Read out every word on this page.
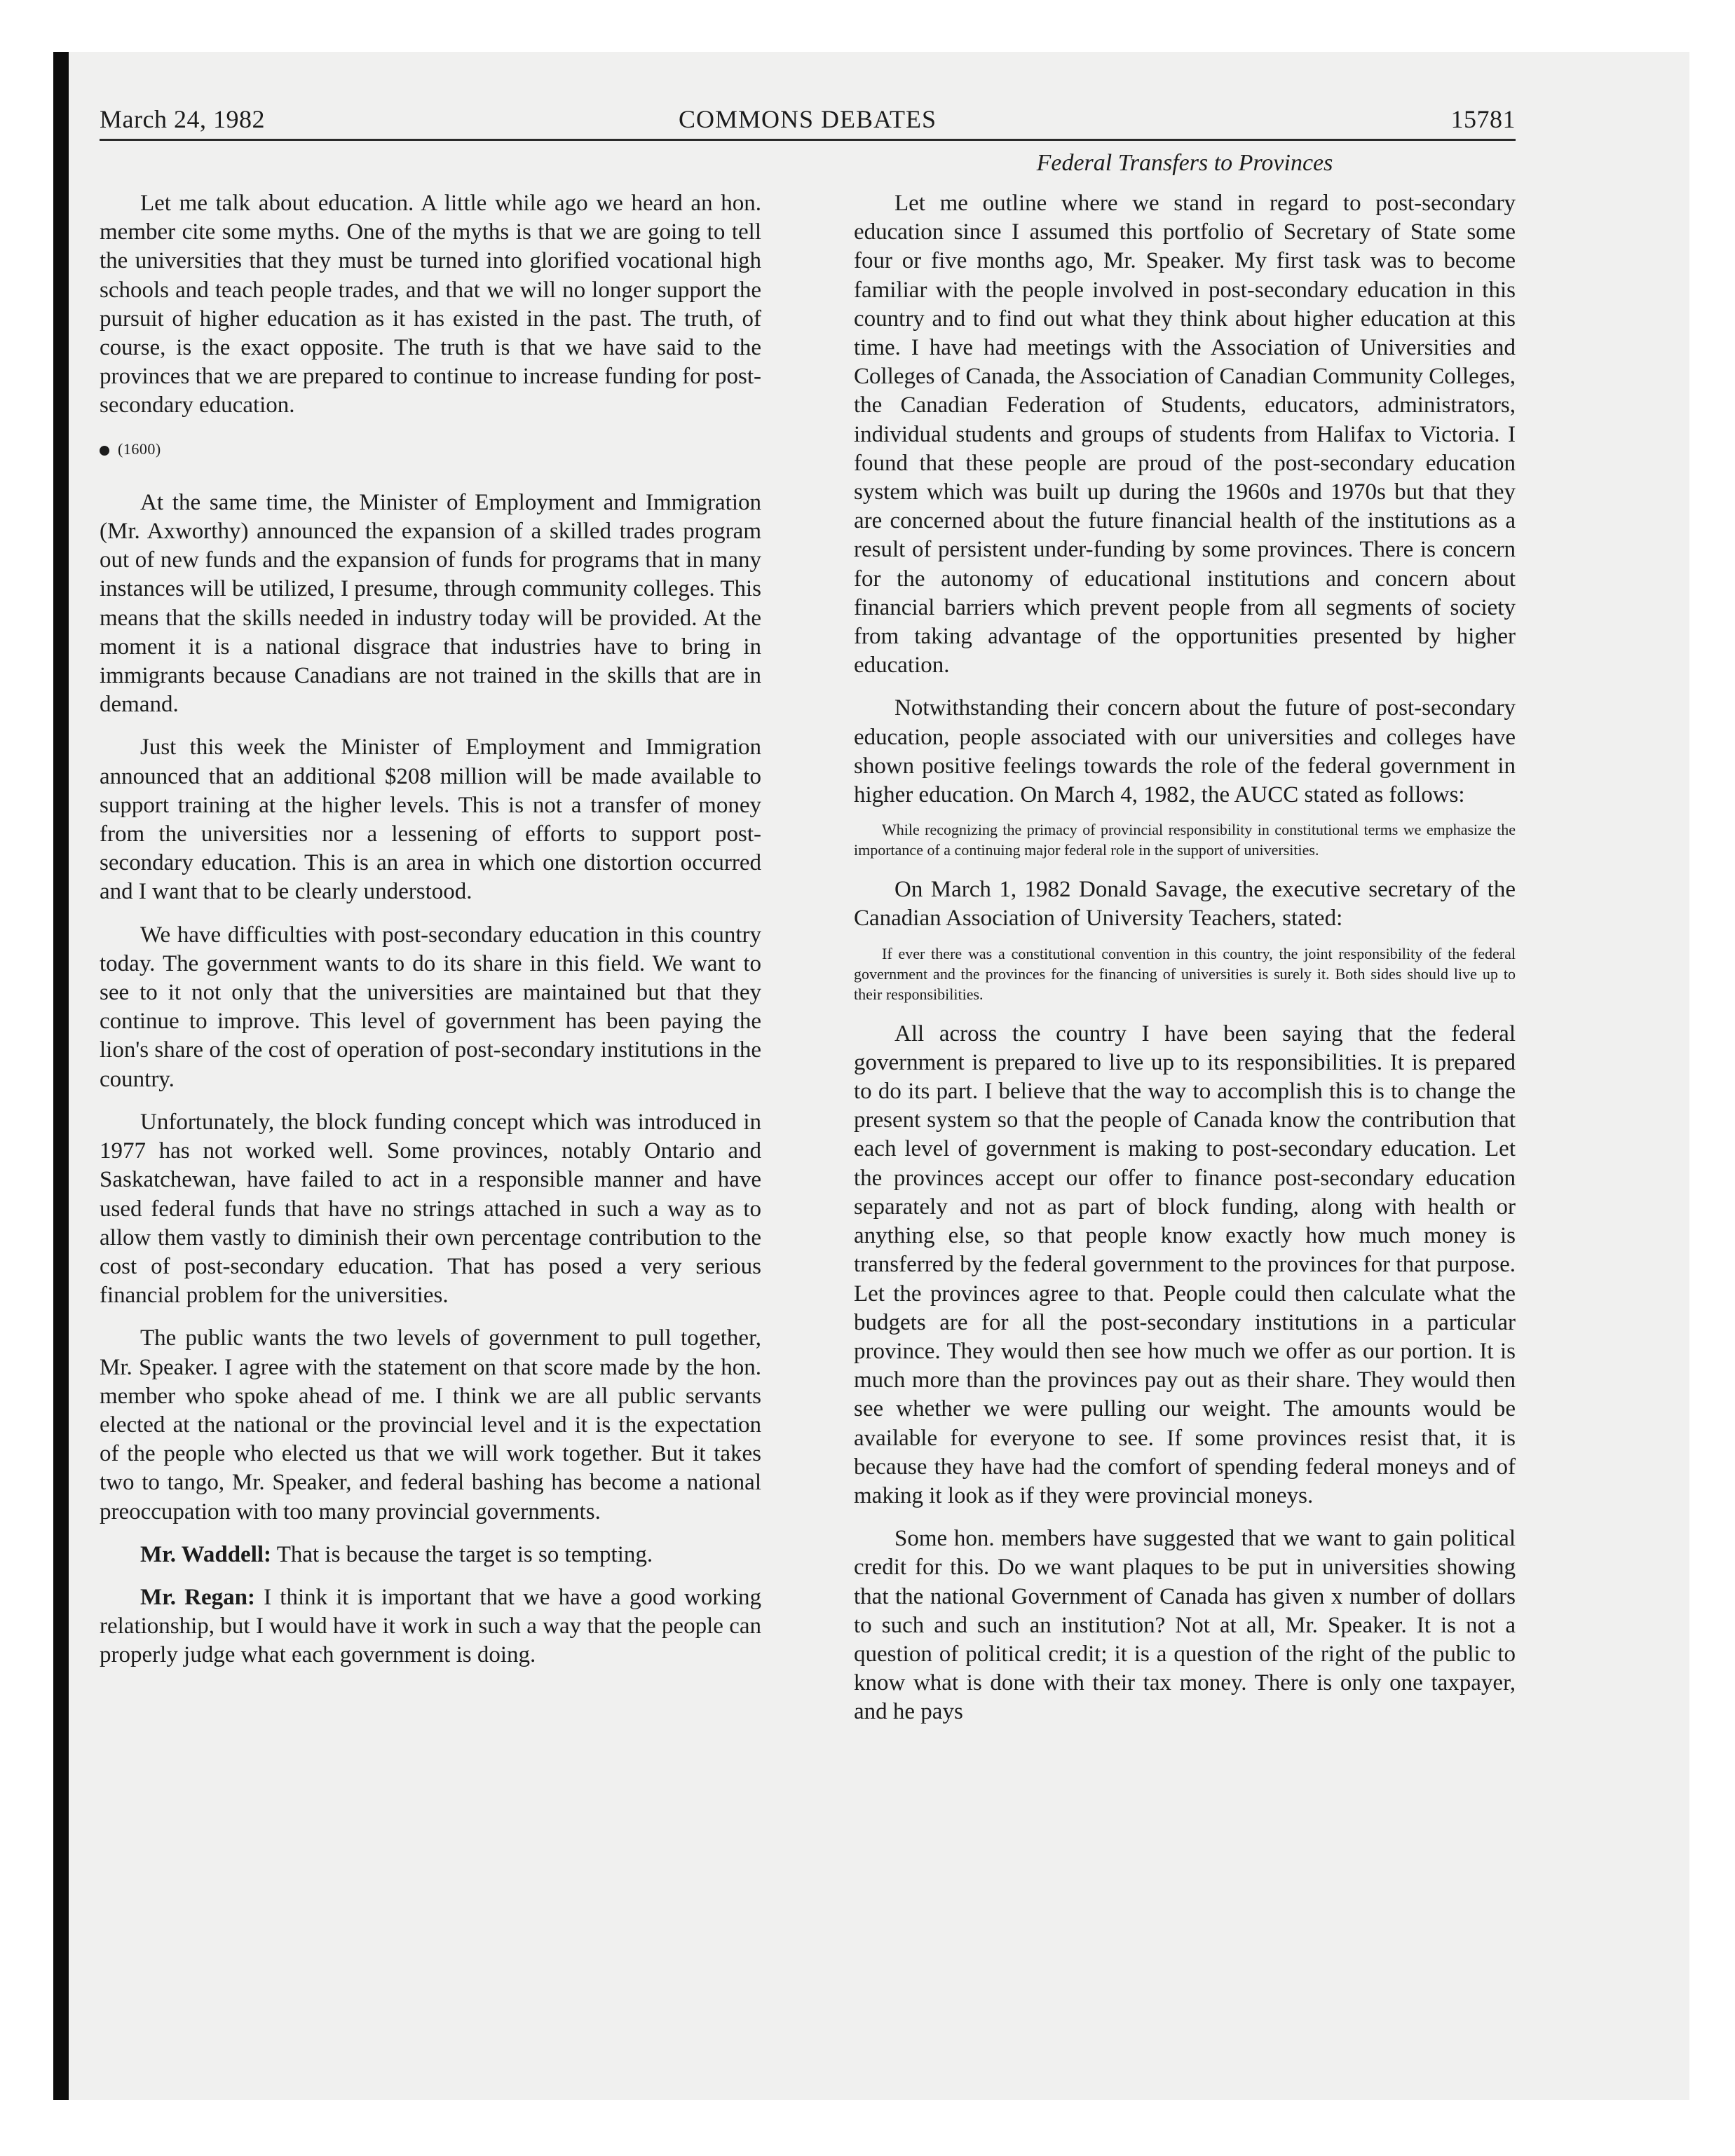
March 24, 1982	COMMONS DEBATES	15781
Federal Transfers to Provinces

Let me talk about education. A little while ago we heard an hon. member cite some myths. One of the myths is that we are going to tell the universities that they must be turned into glorified vocational high schools and teach people trades, and that we will no longer support the pursuit of higher education as it has existed in the past. The truth, of course, is the exact opposite. The truth is that we have said to the provinces that we are prepared to continue to increase funding for post-secondary education.

(1600)

At the same time, the Minister of Employment and Immigration (Mr. Axworthy) announced the expansion of a skilled trades program out of new funds and the expansion of funds for programs that in many instances will be utilized, I presume, through community colleges. This means that the skills needed in industry today will be provided. At the moment it is a national disgrace that industries have to bring in immigrants because Canadians are not trained in the skills that are in demand.

Just this week the Minister of Employment and Immigration announced that an additional $208 million will be made available to support training at the higher levels. This is not a transfer of money from the universities nor a lessening of efforts to support post-secondary education. This is an area in which one distortion occurred and I want that to be clearly understood.

We have difficulties with post-secondary education in this country today. The government wants to do its share in this field. We want to see to it not only that the universities are maintained but that they continue to improve. This level of government has been paying the lion's share of the cost of operation of post-secondary institutions in the country.

Unfortunately, the block funding concept which was introduced in 1977 has not worked well. Some provinces, notably Ontario and Saskatchewan, have failed to act in a responsible manner and have used federal funds that have no strings attached in such a way as to allow them vastly to diminish their own percentage contribution to the cost of post-secondary education. That has posed a very serious financial problem for the universities.

The public wants the two levels of government to pull together, Mr. Speaker. I agree with the statement on that score made by the hon. member who spoke ahead of me. I think we are all public servants elected at the national or the provincial level and it is the expectation of the people who elected us that we will work together. But it takes two to tango, Mr. Speaker, and federal bashing has become a national preoccupation with too many provincial governments.

Mr. Waddell: That is because the target is so tempting.

Mr. Regan: I think it is important that we have a good working relationship, but I would have it work in such a way that the people can properly judge what each government is doing.

Let me outline where we stand in regard to post-secondary education since I assumed this portfolio of Secretary of State some four or five months ago, Mr. Speaker. My first task was to become familiar with the people involved in post-secondary education in this country and to find out what they think about higher education at this time. I have had meetings with the Association of Universities and Colleges of Canada, the Association of Canadian Community Colleges, the Canadian Federation of Students, educators, administrators, individual students and groups of students from Halifax to Victoria. I found that these people are proud of the post-secondary education system which was built up during the 1960s and 1970s but that they are concerned about the future financial health of the institutions as a result of persistent under-funding by some provinces. There is concern for the autonomy of educational institutions and concern about financial barriers which prevent people from all segments of society from taking advantage of the opportunities presented by higher education.

Notwithstanding their concern about the future of post-secondary education, people associated with our universities and colleges have shown positive feelings towards the role of the federal government in higher education. On March 4, 1982, the AUCC stated as follows:

While recognizing the primacy of provincial responsibility in constitutional terms we emphasize the importance of a continuing major federal role in the support of universities.

On March 1, 1982 Donald Savage, the executive secretary of the Canadian Association of University Teachers, stated:

If ever there was a constitutional convention in this country, the joint responsibility of the federal government and the provinces for the financing of universities is surely it. Both sides should live up to their responsibilities.

All across the country I have been saying that the federal government is prepared to live up to its responsibilities. It is prepared to do its part. I believe that the way to accomplish this is to change the present system so that the people of Canada know the contribution that each level of government is making to post-secondary education. Let the provinces accept our offer to finance post-secondary education separately and not as part of block funding, along with health or anything else, so that people know exactly how much money is transferred by the federal government to the provinces for that purpose. Let the provinces agree to that. People could then calculate what the budgets are for all the post-secondary institutions in a particular province. They would then see how much we offer as our portion. It is much more than the provinces pay out as their share. They would then see whether we were pulling our weight. The amounts would be available for everyone to see. If some provinces resist that, it is because they have had the comfort of spending federal moneys and of making it look as if they were provincial moneys.

Some hon. members have suggested that we want to gain political credit for this. Do we want plaques to be put in universities showing that the national Government of Canada has given x number of dollars to such and such an institution? Not at all, Mr. Speaker. It is not a question of political credit; it is a question of the right of the public to know what is done with their tax money. There is only one taxpayer, and he pays
